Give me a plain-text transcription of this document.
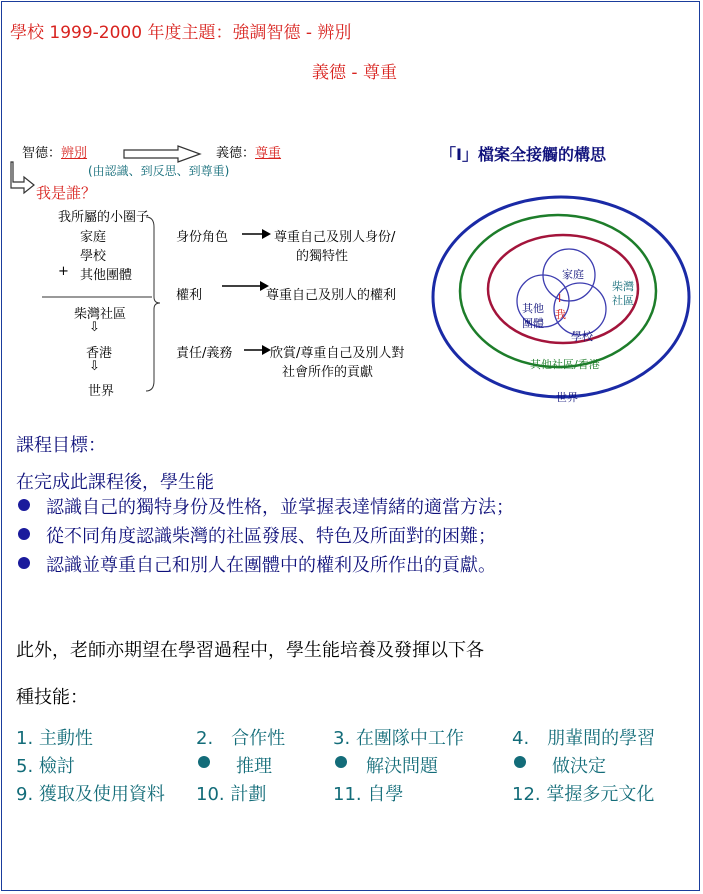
學校 1999-2000 年度主題：強調智德 - 辨別
義德 - 尊重
智德：辨別	義德：尊重
(由認識、到反思、到尊重)
我是誰？
我所屬的小圈子
家庭
學校
+ 其他團體
柴灣社區
⇩
香港
⇩
世界
身份角色	尊重自己及別人身份/
的獨特性
權利	尊重自己及別人的權利
責任/義務	欣賞/尊重自己及別人對
社會所作的貢獻
「I」檔案全接觸的構思
家庭
柴灣
社區
其他
團體
I
我
學校
其他社區/香港
世界
課程目標：
在完成此課程後，學生能
認識自己的獨特身份及性格，並掌握表達情緒的適當方法；
從不同角度認識柴灣的社區發展、特色及所面對的困難；
認識並尊重自己和別人在團體中的權利及所作出的貢獻。
此外，老師亦期望在學習過程中，學生能培養及發揮以下各
種技能：
1. 主動性	2.　合作性	3. 在團隊中工作	4.　朋輩間的學習
5. 檢討	推理	解決問題	做決定
9. 獲取及使用資料 10. 計劃	11. 自學	12. 掌握多元文化
